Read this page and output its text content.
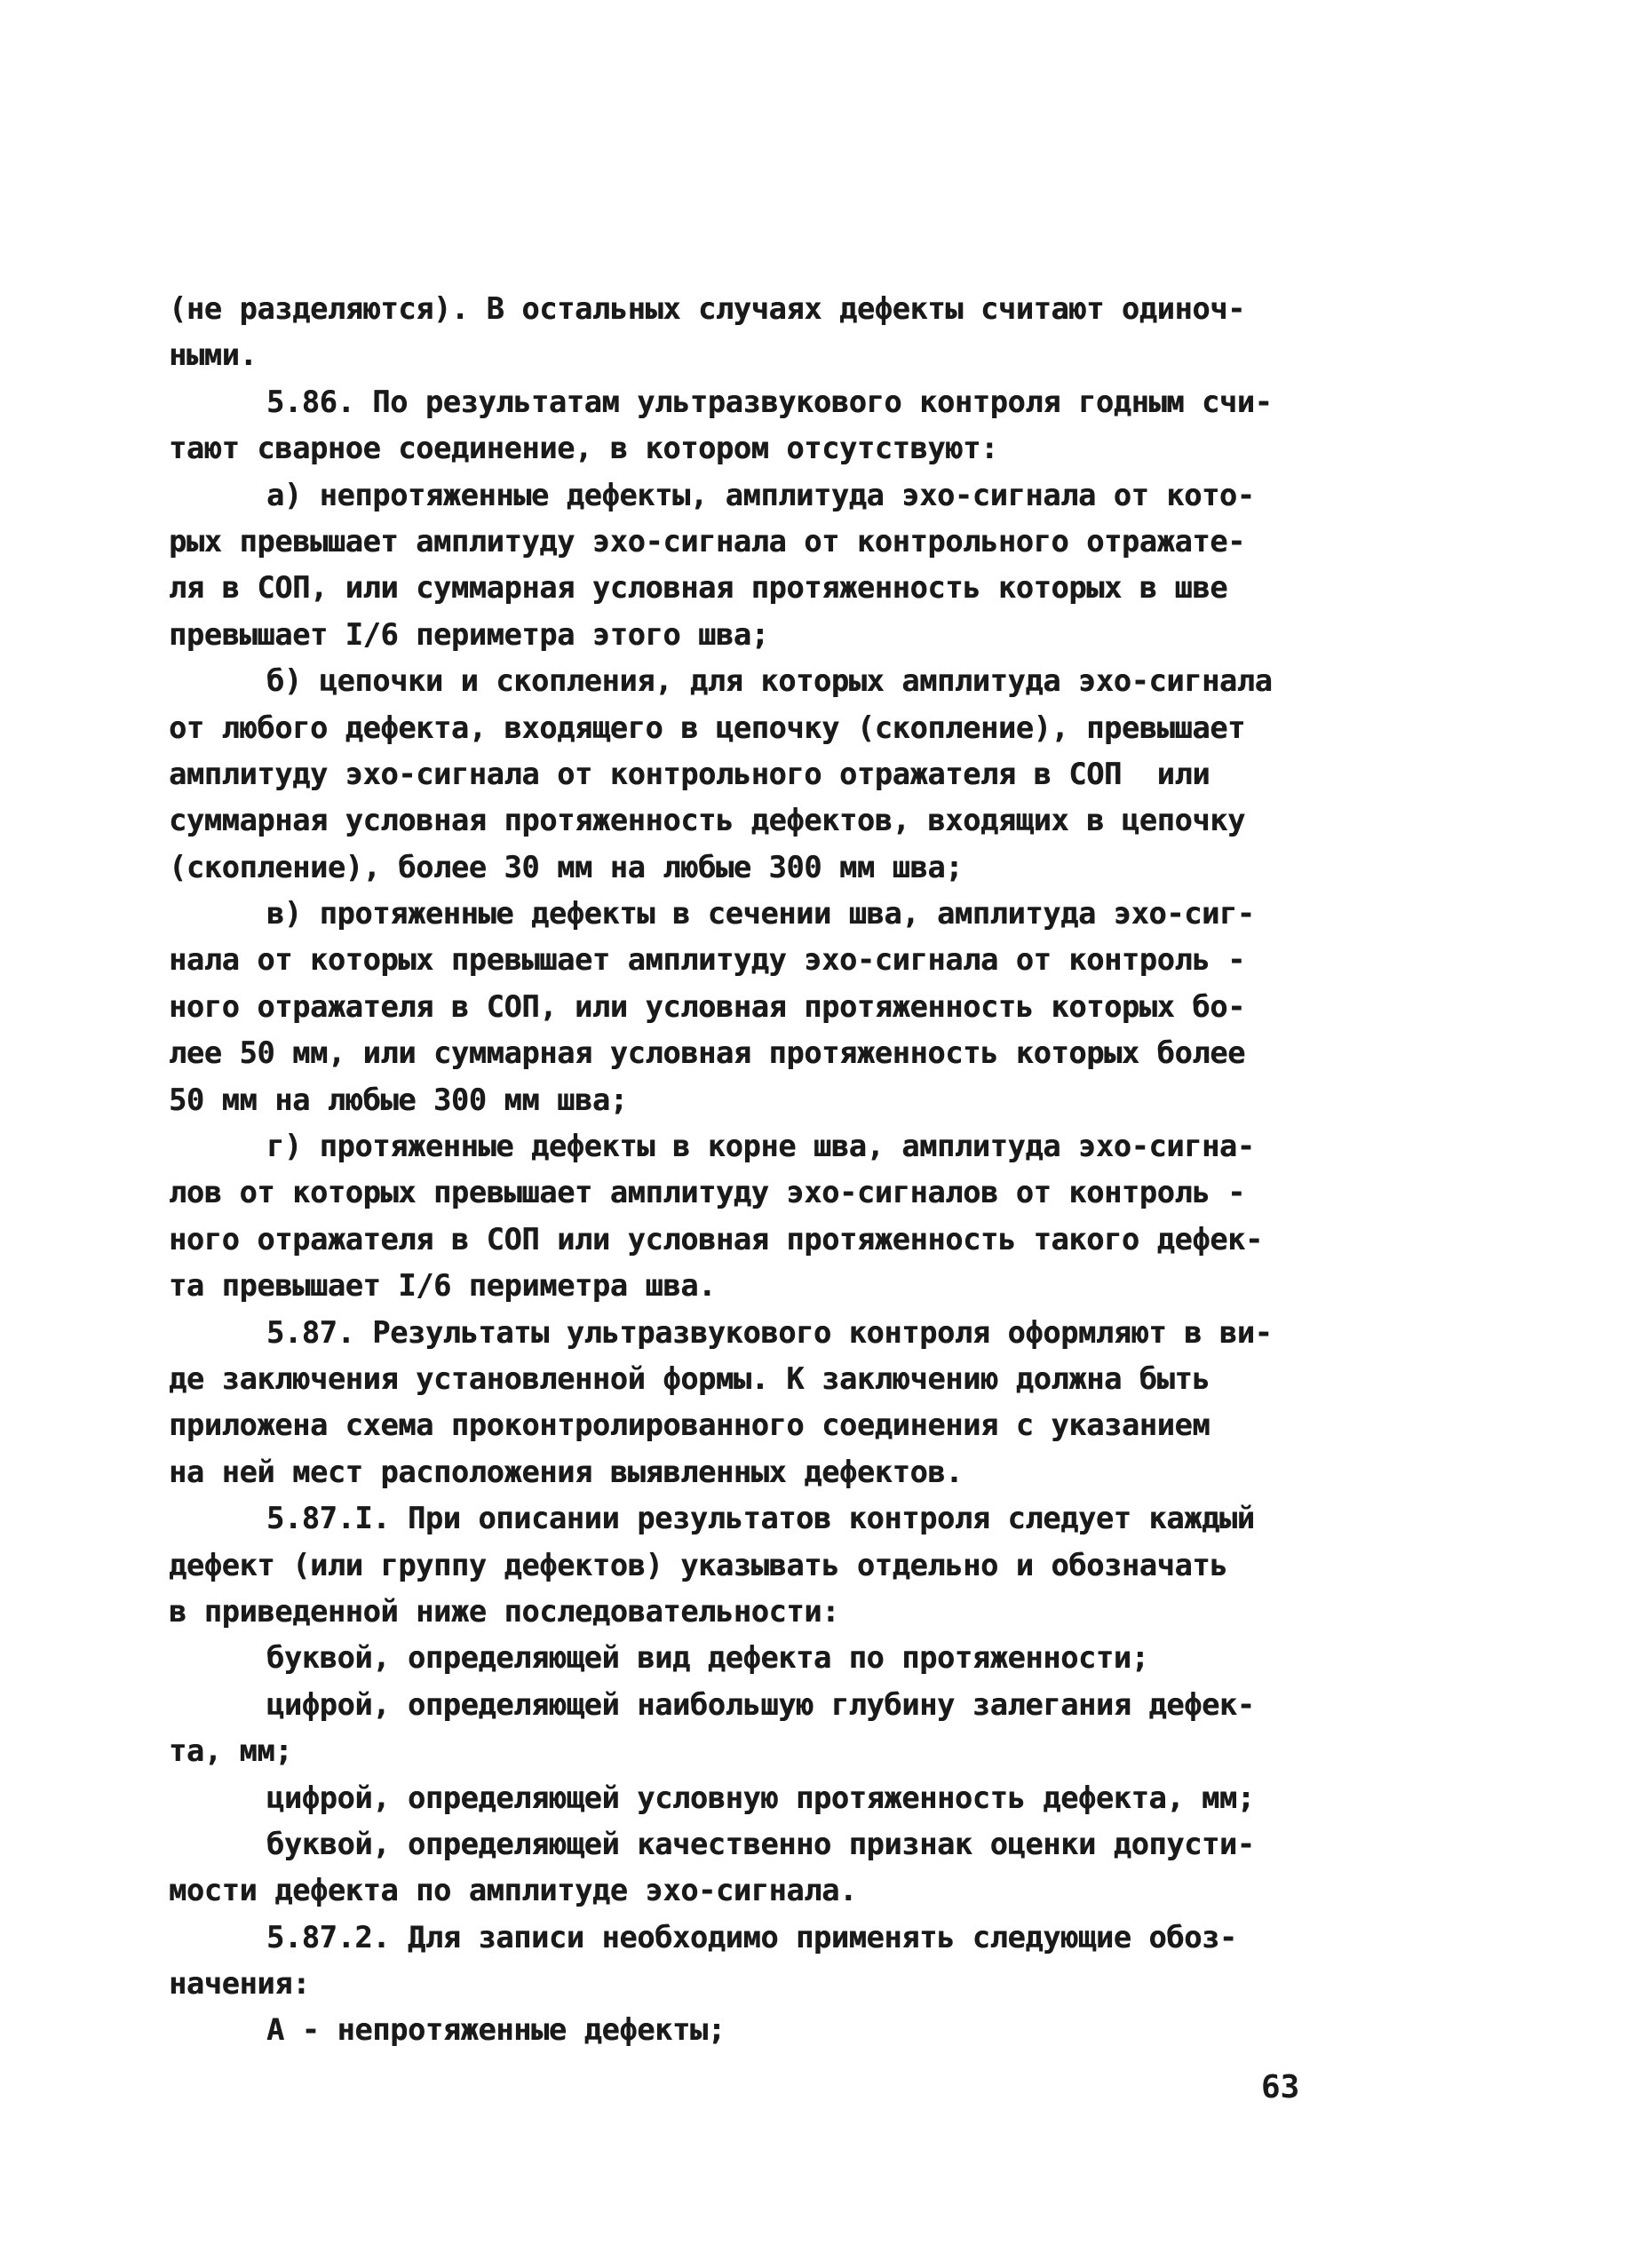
(не разделяются). В остальных случаях дефекты считают одиноч-
ными.
5.86. По результатам ультразвукового контроля годным счи-
тают сварное соединение, в котором отсутствуют:
а) непротяженные дефекты, амплитуда эхо-сигнала от кото-
рых превышает амплитуду эхо-сигнала от контрольного отражате-
ля в СОП, или суммарная условная протяженность которых в шве
превышает I/6 периметра этого шва;
б) цепочки и скопления, для которых амплитуда эхо-сигнала
от любого дефекта, входящего в цепочку (скопление), превышает
амплитуду эхо-сигнала от контрольного отражателя в СОП  или
суммарная условная протяженность дефектов, входящих в цепочку
(скопление), более 30 мм на любые 300 мм шва;
в) протяженные дефекты в сечении шва, амплитуда эхо-сиг-
нала от которых превышает амплитуду эхо-сигнала от контроль -
ного отражателя в СОП, или условная протяженность которых бо-
лее 50 мм, или суммарная условная протяженность которых более
50 мм на любые 300 мм шва;
г) протяженные дефекты в корне шва, амплитуда эхо-сигна-
лов от которых превышает амплитуду эхо-сигналов от контроль -
ного отражателя в СОП или условная протяженность такого дефек-
та превышает I/6 периметра шва.
5.87. Результаты ультразвукового контроля оформляют в ви-
де заключения установленной формы. К заключению должна быть
приложена схема проконтролированного соединения с указанием
на ней мест расположения выявленных дефектов.
5.87.I. При описании результатов контроля следует каждый
дефект (или группу дефектов) указывать отдельно и обозначать
в приведенной ниже последовательности:
буквой, определяющей вид дефекта по протяженности;
цифрой, определяющей наибольшую глубину залегания дефек-
та, мм;
цифрой, определяющей условную протяженность дефекта, мм;
буквой, определяющей качественно признак оценки допусти-
мости дефекта по амплитуде эхо-сигнала.
5.87.2. Для записи необходимо применять следующие обоз-
начения:
А - непротяженные дефекты;
63
